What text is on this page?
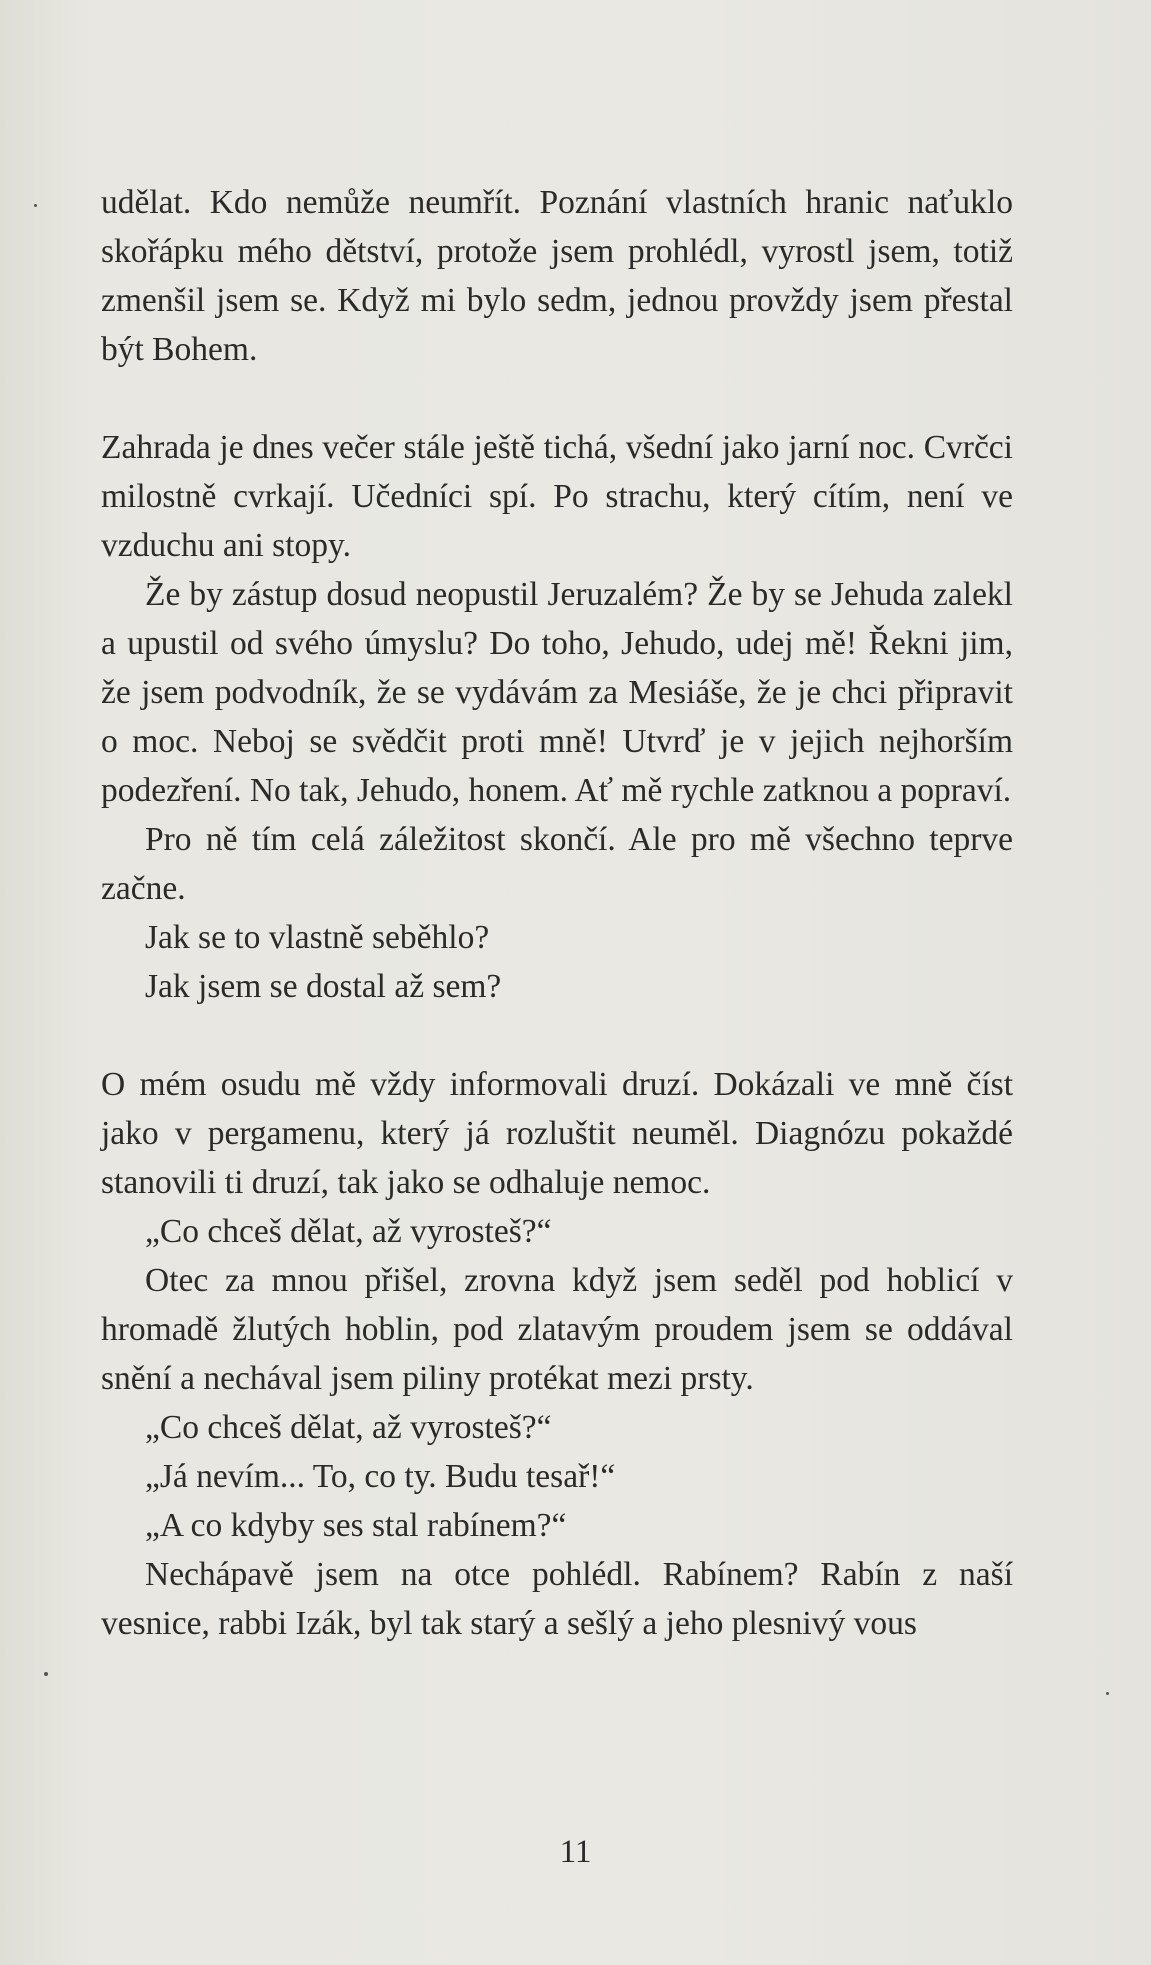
udělat. Kdo nemůže neumřít. Poznání vlastních hranic naťuklo skořápku mého dětství, protože jsem prohlédl, vyrostl jsem, totiž zmenšil jsem se. Když mi bylo sedm, jednou provždy jsem přestal být Bohem.

Zahrada je dnes večer stále ještě tichá, všední jako jarní noc. Cvrčci milostně cvrkají. Učedníci spí. Po strachu, který cítím, není ve vzduchu ani stopy.

Že by zástup dosud neopustil Jeruzalém? Že by se Jehuda zalekl a upustil od svého úmyslu? Do toho, Jehudo, udej mě! Řekni jim, že jsem podvodník, že se vydávám za Mesiáše, že je chci připravit o moc. Neboj se svědčit proti mně! Utvrď je v jejich nejhorším podezření. No tak, Jehudo, honem. Ať mě rychle zatknou a popraví.

Pro ně tím celá záležitost skončí. Ale pro mě všechno teprve začne.

Jak se to vlastně seběhlo?

Jak jsem se dostal až sem?

O mém osudu mě vždy informovali druzí. Dokázali ve mně číst jako v pergamenu, který já rozluštit neuměl. Diagnózu pokaždé stanovili ti druzí, tak jako se odhaluje nemoc.

„Co chceš dělat, až vyrosteš?“

Otec za mnou přišel, zrovna když jsem seděl pod hoblicí v hromadě žlutých hoblin, pod zlatavým proudem jsem se oddával snění a nechával jsem piliny protékat mezi prsty.

„Co chceš dělat, až vyrosteš?“

„Já nevím... To, co ty. Budu tesař!“

„A co kdyby ses stal rabínem?“

Nechápavě jsem na otce pohlédl. Rabínem? Rabín z naší vesnice, rabbi Izák, byl tak starý a sešlý a jeho plesnivý vous

11
